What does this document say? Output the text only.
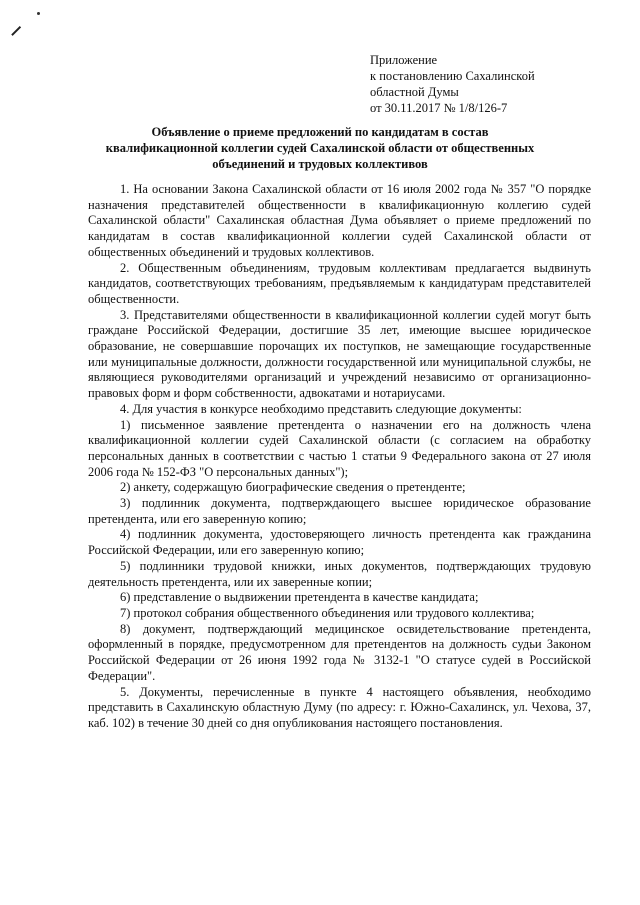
Приложение
к постановлению Сахалинской
областной Думы
от 30.11.2017 № 1/8/126-7
Объявление о приеме предложений по кандидатам в состав квалификационной коллегии судей Сахалинской области от общественных объединений и трудовых коллективов

1. На основании Закона Сахалинской области от 16 июля 2002 года № 357 "О порядке назначения представителей общественности в квалификационную коллегию судей Сахалинской области" Сахалинская областная Дума объявляет о приеме предложений по кандидатам в состав квалификационной коллегии судей Сахалинской области от общественных объединений и трудовых коллективов.

2. Общественным объединениям, трудовым коллективам предлагается выдвинуть кандидатов, соответствующих требованиям, предъявляемым к кандидатурам представителей общественности.

3. Представителями общественности в квалификационной коллегии судей могут быть граждане Российской Федерации, достигшие 35 лет, имеющие высшее юридическое образование, не совершавшие порочащих их поступков, не замещающие государственные или муниципальные должности, должности государственной или муниципальной службы, не являющиеся руководителями организаций и учреждений независимо от организационно-правовых форм и форм собственности, адвокатами и нотариусами.

4. Для участия в конкурсе необходимо представить следующие документы:

1) письменное заявление претендента о назначении его на должность члена квалификационной коллегии судей Сахалинской области (с согласием на обработку персональных данных в соответствии с частью 1 статьи 9 Федерального закона от 27 июля 2006 года № 152-ФЗ "О персональных данных");

2) анкету, содержащую биографические сведения о претенденте;

3) подлинник документа, подтверждающего высшее юридическое образование претендента, или его заверенную копию;

4) подлинник документа, удостоверяющего личность претендента как гражданина Российской Федерации, или его заверенную копию;

5) подлинники трудовой книжки, иных документов, подтверждающих трудовую деятельность претендента, или их заверенные копии;

6) представление о выдвижении претендента в качестве кандидата;

7) протокол собрания общественного объединения или трудового коллектива;

8) документ, подтверждающий медицинское освидетельствование претендента, оформленный в порядке, предусмотренном для претендентов на должность судьи Законом Российской Федерации от 26 июня 1992 года № 3132-1 "О статусе судей в Российской Федерации".

5. Документы, перечисленные в пункте 4 настоящего объявления, необходимо представить в Сахалинскую областную Думу (по адресу: г. Южно-Сахалинск, ул. Чехова, 37, каб. 102) в течение 30 дней со дня опубликования настоящего постановления.
